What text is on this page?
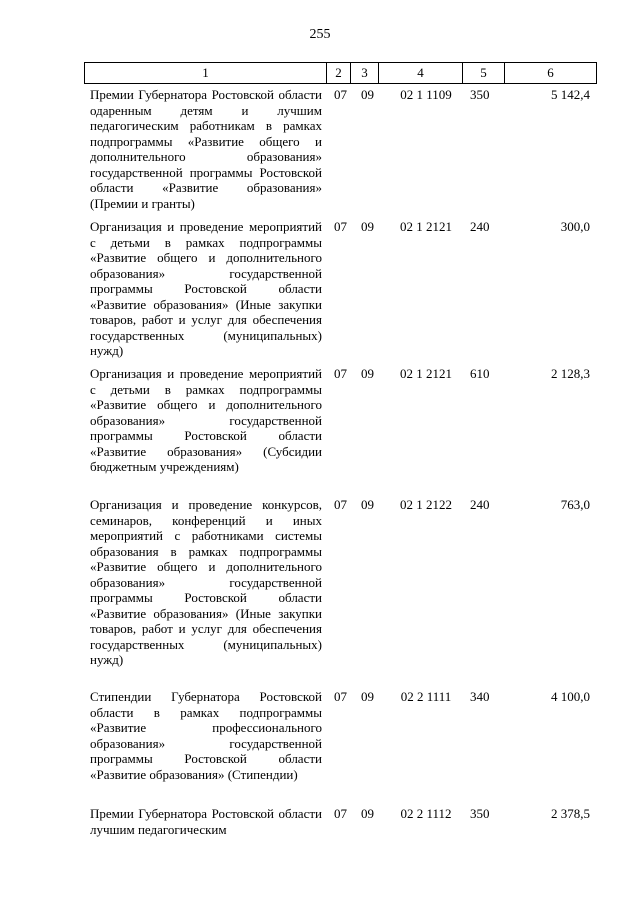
255
1	2	3	4	5	6
Премии Губернатора Ростовской области одаренным детям и лучшим педагогическим работникам в рамках подпрограммы «Развитие общего и дополнительного образования» государственной программы Ростовской области «Развитие образования» (Премии и гранты)
07 09	02 1 1109	350	5 142,4
Организация и проведение мероприятий с детьми в рамках подпрограммы «Развитие общего и дополнительного образования» государственной программы Ростовской области «Развитие образования» (Иные закупки товаров, работ и услуг для обеспечения государственных (муниципальных) нужд)
07 09	02 1 2121	240	300,0
Организация и проведение мероприятий с детьми в рамках подпрограммы «Развитие общего и дополнительного образования» государственной программы Ростовской области «Развитие образования» (Субсидии бюджетным учреждениям)
07 09	02 1 2121	610	2 128,3
Организация и проведение конкурсов, семинаров, конференций и иных мероприятий с работниками системы образования в рамках подпрограммы «Развитие общего и дополнительного образования» государственной программы Ростовской области «Развитие образования» (Иные закупки товаров, работ и услуг для обеспечения государственных (муниципальных) нужд)
07 09	02 1 2122	240	763,0
Стипендии Губернатора Ростовской области в рамках подпрограммы «Развитие профессионального образования» государственной программы Ростовской области «Развитие образования» (Стипендии)
07 09	02 2 1111	340	4 100,0
Премии Губернатора Ростовской области лучшим педагогическим
07 09	02 2 1112	350	2 378,5
